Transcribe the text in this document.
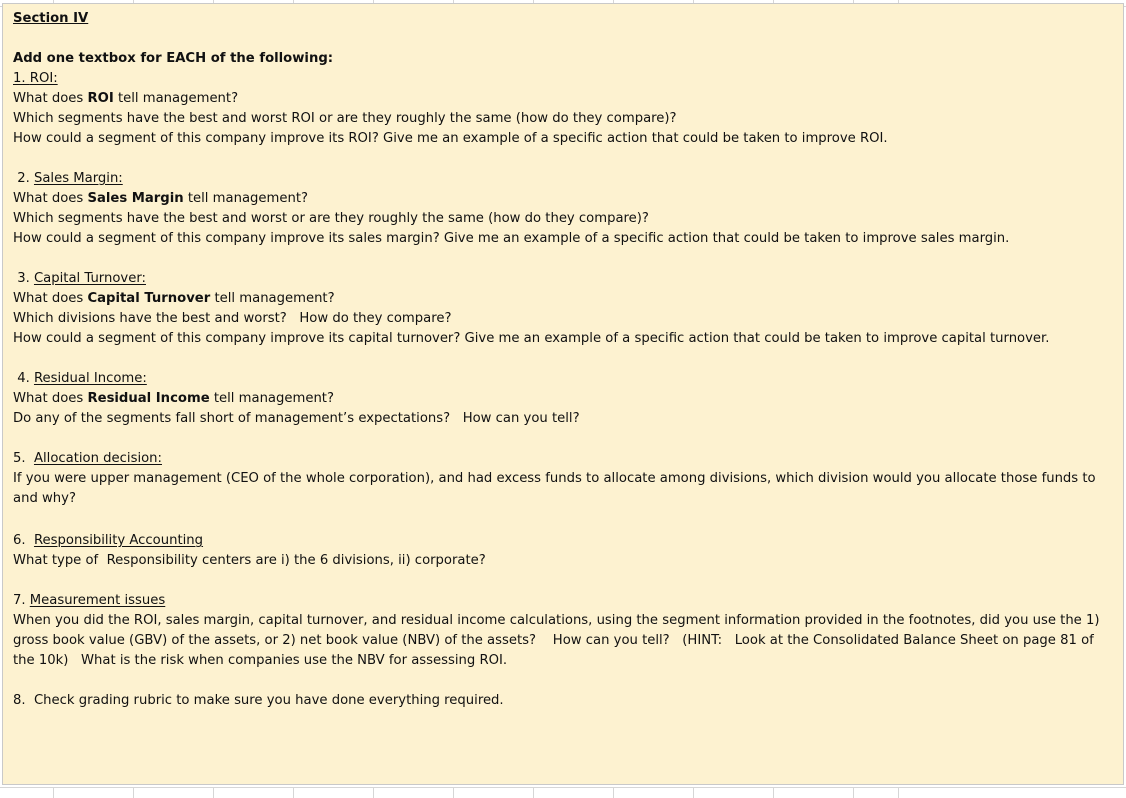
Section IV
Add one textbox for EACH of the following:
1. ROI:
What does ROI tell management?
Which segments have the best and worst ROI or are they roughly the same (how do they compare)?
How could a segment of this company improve its ROI? Give me an example of a specific action that could be taken to improve ROI.
2. Sales Margin:
What does Sales Margin tell management?
Which segments have the best and worst or are they roughly the same (how do they compare)?
How could a segment of this company improve its sales margin? Give me an example of a specific action that could be taken to improve sales margin.
3. Capital Turnover:
What does Capital Turnover tell management?
Which divisions have the best and worst?   How do they compare?
How could a segment of this company improve its capital turnover? Give me an example of a specific action that could be taken to improve capital turnover.
4. Residual Income:
What does Residual Income tell management?
Do any of the segments fall short of management’s expectations?   How can you tell?
5.  Allocation decision:
If you were upper management (CEO of the whole corporation), and had excess funds to allocate among divisions, which division would you allocate those funds to and why?
6.  Responsibility Accounting
What type of  Responsibility centers are i) the 6 divisions, ii) corporate?
7. Measurement issues
When you did the ROI, sales margin, capital turnover, and residual income calculations, using the segment information provided in the footnotes, did you use the 1) gross book value (GBV) of the assets, or 2) net book value (NBV) of the assets?    How can you tell?   (HINT:   Look at the Consolidated Balance Sheet on page 81 of the 10k)   What is the risk when companies use the NBV for assessing ROI.
8.  Check grading rubric to make sure you have done everything required.
